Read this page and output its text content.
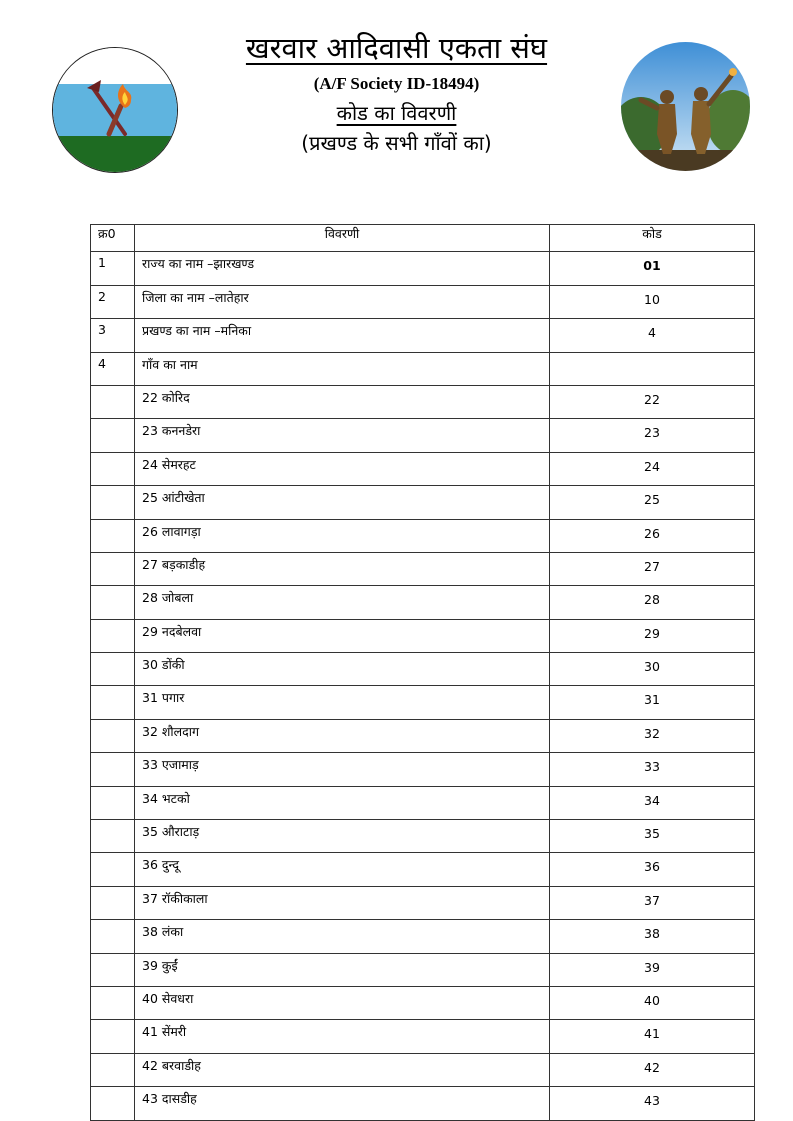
खरवार आदिवासी एकता संघ
(A/F Society ID-18494)
कोड का विवरणी
(प्रखण्ड के सभी गाँवों का)
क्र0	विवरणी	कोड
1	राज्य का नाम –झारखण्ड	01
2	जिला का नाम –लातेहार	10
3	प्रखण्ड का नाम –मनिका	4
4	गाँव का नाम	
	22 कोरिद	22
	23 कननडेरा	23
	24 सेमरहट	24
	25 आंटीखेता	25
	26 लावागड़ा	26
	27 बड़काडीह	27
	28 जोबला	28
	29 नदबेलवा	29
	30 डोंकी	30
	31 पगार	31
	32 शौलदाग	32
	33 एजामाड़	33
	34 भटको	34
	35 औराटाड़	35
	36 दुन्दू	36
	37 रॉकीकाला	37
	38 लंका	38
	39 कुईं	39
	40 सेवधरा	40
	41 सेंमरी	41
	42 बरवाडीह	42
	43 दासडीह	43
